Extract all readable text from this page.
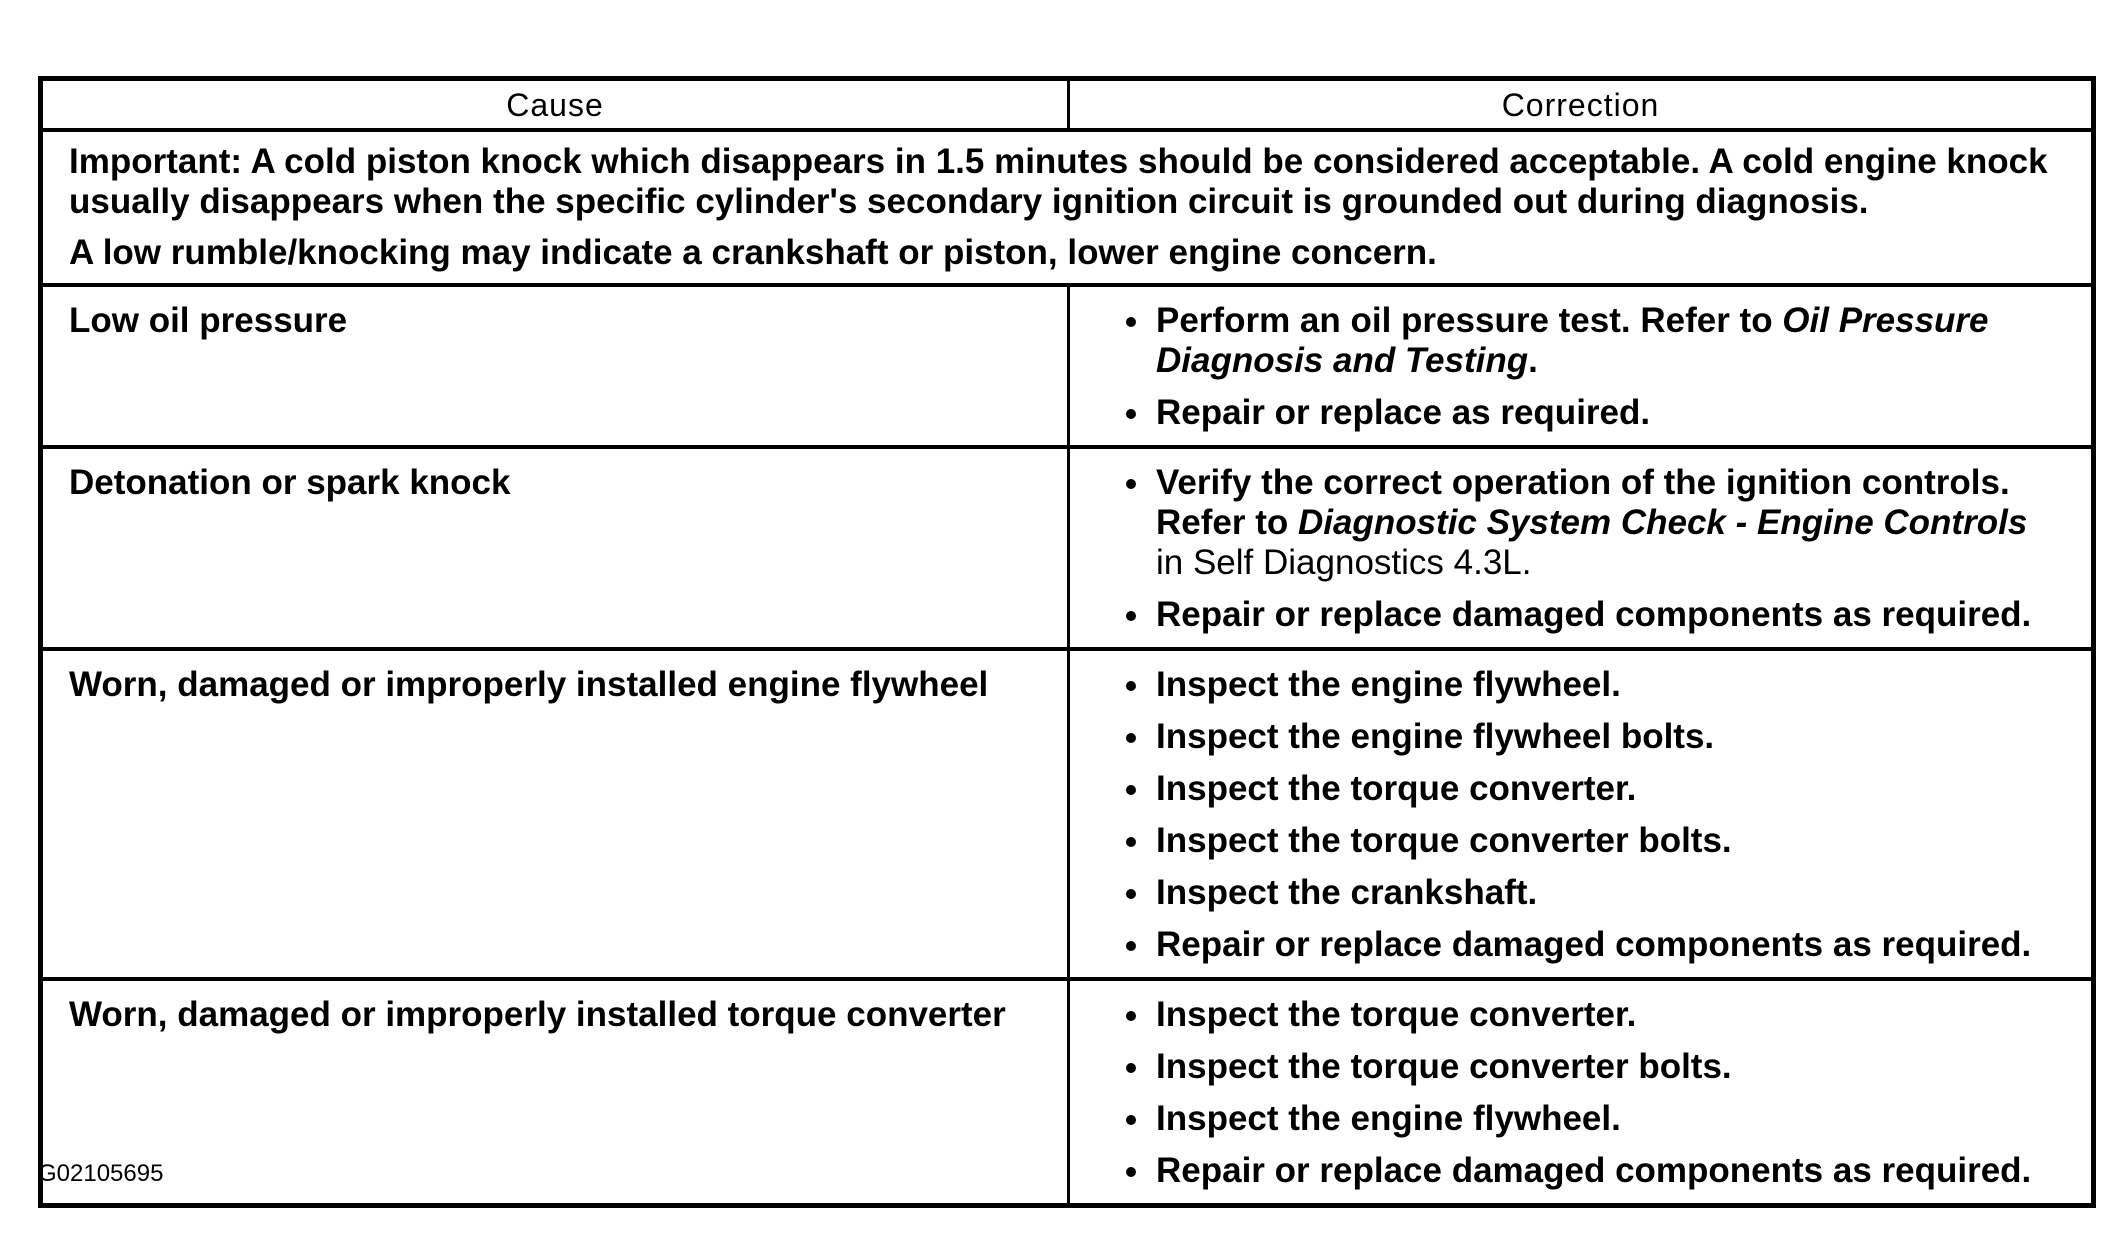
Cause	Correction

Important: A cold piston knock which disappears in 1.5 minutes should be considered acceptable. A cold engine knock usually disappears when the specific cylinder's secondary ignition circuit is grounded out during diagnosis.

A low rumble/knocking may indicate a crankshaft or piston, lower engine concern.

Low oil pressure	Perform an oil pressure test. Refer to Oil Pressure Diagnosis and Testing.
Repair or replace as required.
Detonation or spark knock	Verify the correct operation of the ignition controls. Refer to Diagnostic System Check - Engine Controls
in Self Diagnostics 4.3L.
Repair or replace damaged components as required.
Worn, damaged or improperly installed engine flywheel	Inspect the engine flywheel.
Inspect the engine flywheel bolts.
Inspect the torque converter.
Inspect the torque converter bolts.
Inspect the crankshaft.
Repair or replace damaged components as required.
Worn, damaged or improperly installed torque converter	Inspect the torque converter.
Inspect the torque converter bolts.
Inspect the engine flywheel.
Repair or replace damaged components as required.
G02105695
